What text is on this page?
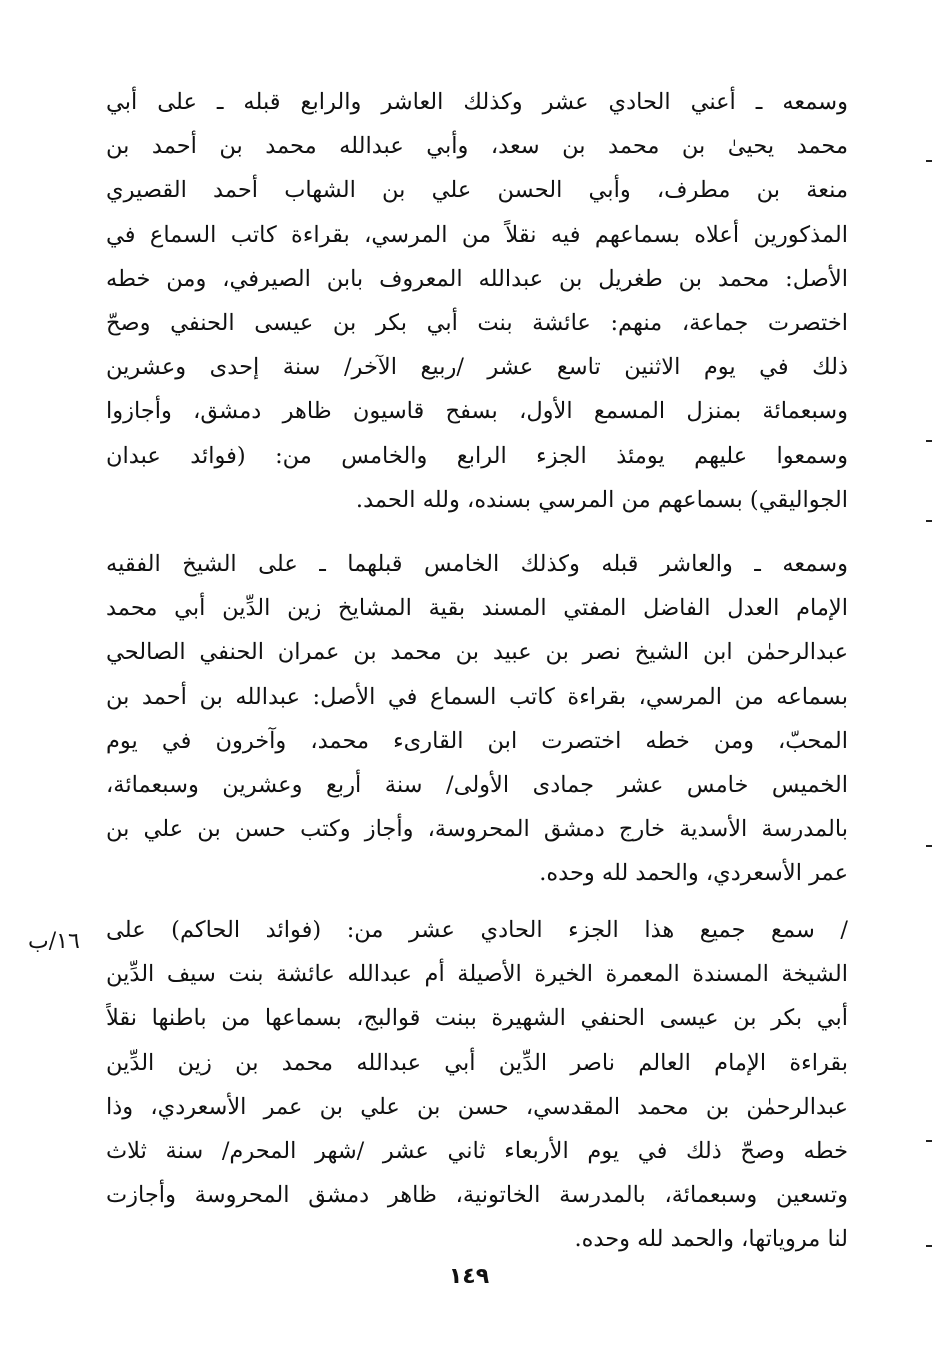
وسمعه ـ أعني الحادي عشر وكذلك العاشر والرابع قبله ـ على أبي
محمد يحيىٰ بن محمد بن سعد، وأبي عبدالله محمد بن أحمد بن
منعة بن مطرف، وأبي الحسن علي بن الشهاب أحمد القصيري
المذكورين أعلاه بسماعهم فيه نقلاً من المرسي، بقراءة كاتب السماع في
الأصل: محمد بن طغريل بن عبدالله المعروف بابن الصيرفي، ومن خطه
اختصرت جماعة، منهم: عائشة بنت أبي بكر بن عيسى الحنفي وصحّ
ذلك في يوم الاثنين تاسع عشر /ربيع الآخر/ سنة إحدى وعشرين
وسبعمائة بمنزل المسمع الأول، بسفح قاسيون ظاهر دمشق، وأجازوا
وسمعوا عليهم يومئذ الجزء الرابع والخامس من: (فوائد عبدان
الجواليقي) بسماعهم من المرسي بسنده، ولله الحمد.
وسمعه ـ والعاشر قبله وكذلك الخامس قبلهما ـ على الشيخ الفقيه
الإمام العدل الفاضل المفتي المسند بقية المشايخ زين الدِّين أبي محمد
عبدالرحمٰن ابن الشيخ نصر بن عبيد بن محمد بن عمران الحنفي الصالحي
بسماعه من المرسي، بقراءة كاتب السماع في الأصل: عبدالله بن أحمد بن
المحبّ، ومن خطه اختصرت ابن القارىء محمد، وآخرون في يوم
الخميس خامس عشر جمادى الأولى/ سنة أربع وعشرين وسبعمائة،
بالمدرسة الأسدية خارج دمشق المحروسة، وأجاز وكتب حسن بن علي بن
عمر الأسعردي، والحمد لله وحده.
/ سمع جميع هذا الجزء الحادي عشر من: (فوائد الحاكم) على
الشيخة المسندة المعمرة الخيرة الأصيلة أم عبدالله عائشة بنت سيف الدِّين
أبي بكر بن عيسى الحنفي الشهيرة ببنت قوالبج، بسماعها من باطنها نقلاً
بقراءة الإمام العالم ناصر الدِّين أبي عبدالله محمد بن زين الدِّين
عبدالرحمٰن بن محمد المقدسي، حسن بن علي بن عمر الأسعردي، وذا
خطه وصحّ ذلك في يوم الأربعاء ثاني عشر /شهر المحرم/ سنة ثلاث
وتسعين وسبعمائة، بالمدرسة الخاتونية، ظاهر دمشق المحروسة وأجازت
لنا مروياتها، والحمد لله وحده.
١٦/ب
١٤٩
